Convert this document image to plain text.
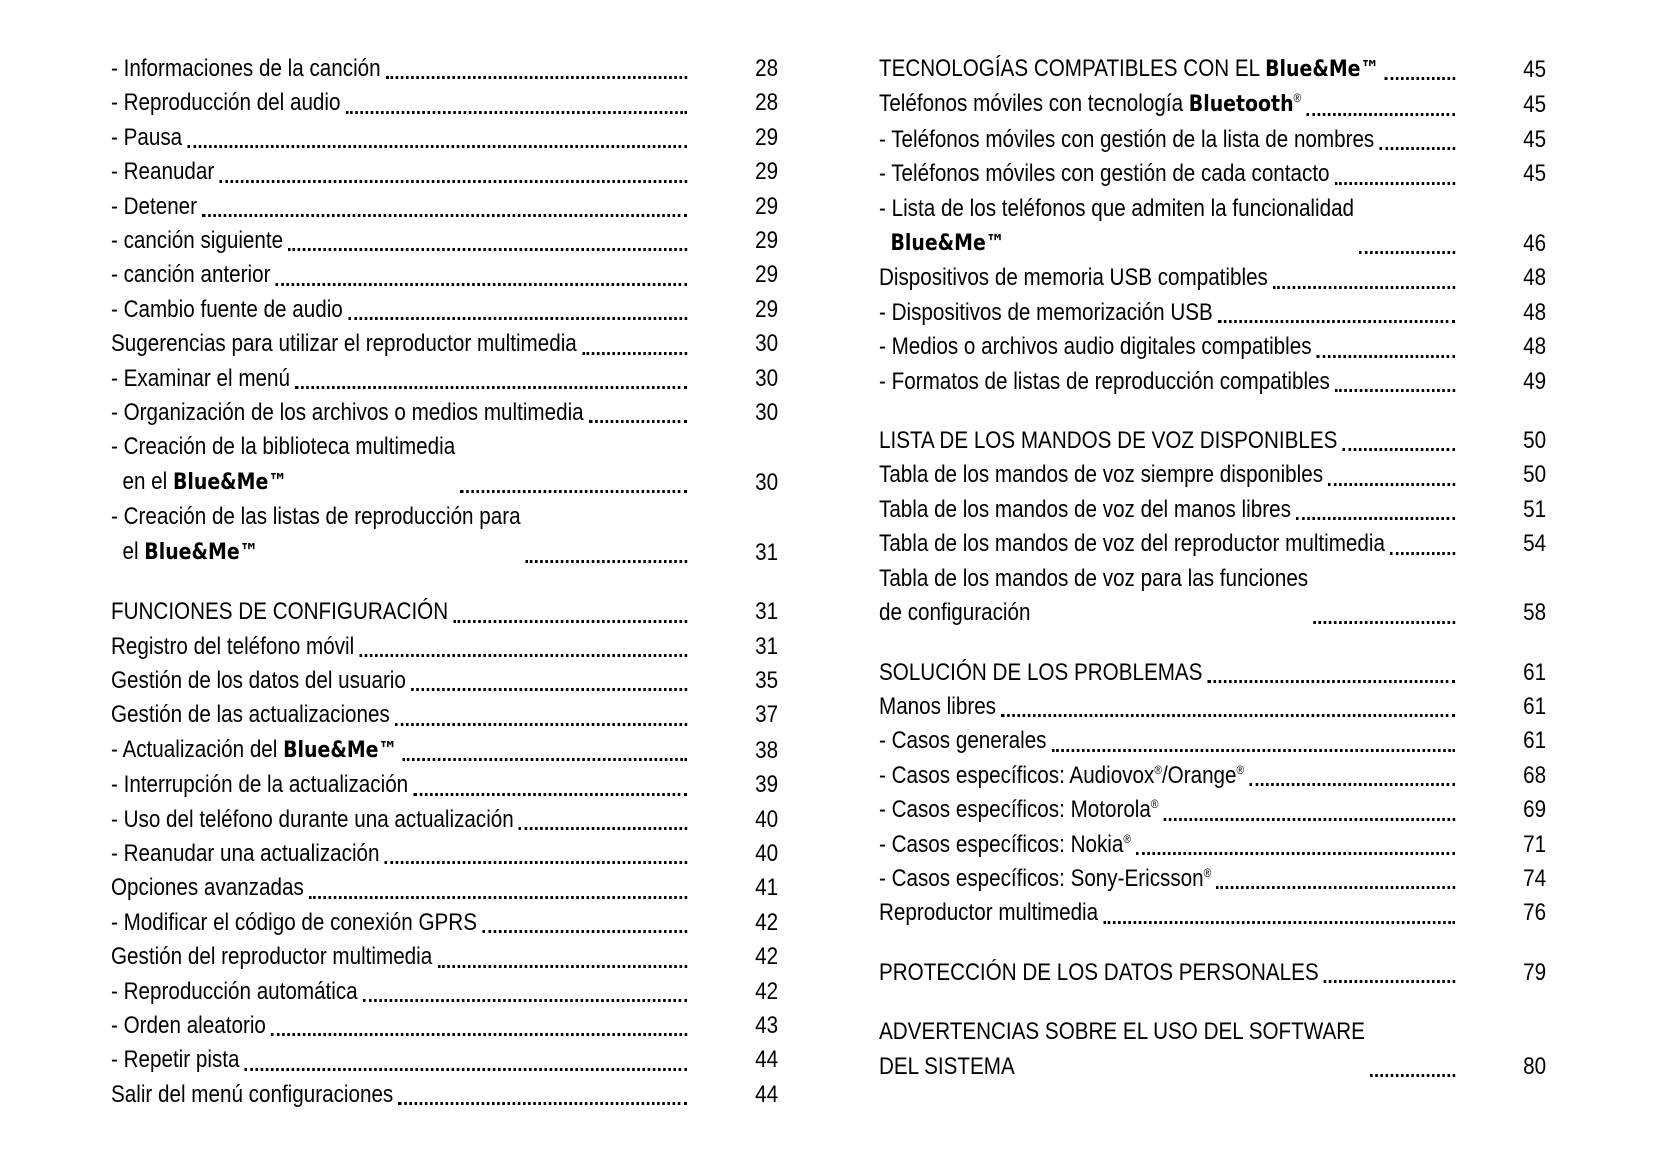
- Informaciones de la canción	28
- Reproducción del audio	28
- Pausa	29
- Reanudar	29
- Detener	29
- canción siguiente	29
- canción anterior	29
- Cambio fuente de audio	29
Sugerencias para utilizar el reproductor multimedia	30
- Examinar el menú	30
- Organización de los archivos o medios multimedia	30
- Creación de la biblioteca multimedia
en el Blue&Me™	30
- Creación de las listas de reproducción para
el Blue&Me™	31
FUNCIONES DE CONFIGURACIÓN	31
Registro del teléfono móvil	31
Gestión de los datos del usuario	35
Gestión de las actualizaciones	37
- Actualización del Blue&Me™	38
- Interrupción de la actualización	39
- Uso del teléfono durante una actualización	40
- Reanudar una actualización	40
Opciones avanzadas	41
- Modificar el código de conexión GPRS	42
Gestión del reproductor multimedia	42
- Reproducción automática	42
- Orden aleatorio	43
- Repetir pista	44
Salir del menú configuraciones	44
TECNOLOGÍAS COMPATIBLES CON EL Blue&Me™	45
Teléfonos móviles con tecnología Bluetooth®	45
- Teléfonos móviles con gestión de la lista de nombres	45
- Teléfonos móviles con gestión de cada contacto	45
- Lista de los teléfonos que admiten la funcionalidad
Blue&Me™	46
Dispositivos de memoria USB compatibles	48
- Dispositivos de memorización USB	48
- Medios o archivos audio digitales compatibles	48
- Formatos de listas de reproducción compatibles	49
LISTA DE LOS MANDOS DE VOZ DISPONIBLES	50
Tabla de los mandos de voz siempre disponibles	50
Tabla de los mandos de voz del manos libres	51
Tabla de los mandos de voz del reproductor multimedia	54
Tabla de los mandos de voz para las funciones
de configuración	58
SOLUCIÓN DE LOS PROBLEMAS	61
Manos libres	61
- Casos generales	61
- Casos específicos: Audiovox®/Orange®	68
- Casos específicos: Motorola®	69
- Casos específicos: Nokia®	71
- Casos específicos: Sony-Ericsson®	74
Reproductor multimedia	76
PROTECCIÓN DE LOS DATOS PERSONALES	79
ADVERTENCIAS SOBRE EL USO DEL SOFTWARE
DEL SISTEMA	80
